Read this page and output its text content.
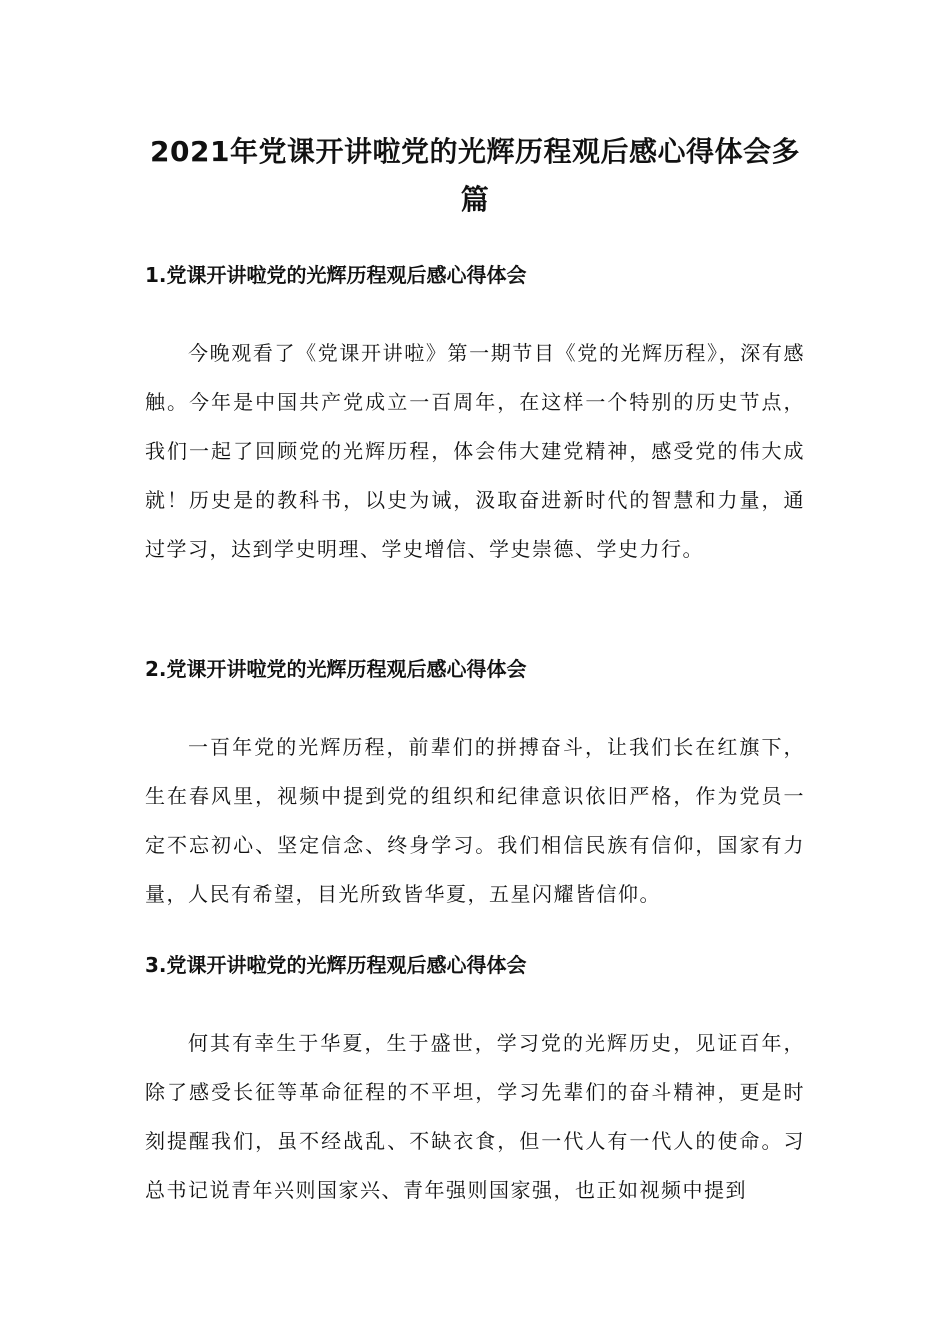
2021年党课开讲啦党的光辉历程观后感心得体会多篇
1.党课开讲啦党的光辉历程观后感心得体会

今晚观看了《党课开讲啦》第一期节目《党的光辉历程》，深有感触。今年是中国共产党成立一百周年，在这样一个特别的历史节点，我们一起了回顾党的光辉历程，体会伟大建党精神，感受党的伟大成就！历史是的教科书，以史为诫，汲取奋进新时代的智慧和力量，通过学习，达到学史明理、学史增信、学史崇德、学史力行。

2.党课开讲啦党的光辉历程观后感心得体会

一百年党的光辉历程，前辈们的拼搏奋斗，让我们长在红旗下，生在春风里，视频中提到党的组织和纪律意识依旧严格，作为党员一定不忘初心、坚定信念、终身学习。我们相信民族有信仰，国家有力量，人民有希望，目光所致皆华夏，五星闪耀皆信仰。

3.党课开讲啦党的光辉历程观后感心得体会

何其有幸生于华夏，生于盛世，学习党的光辉历史，见证百年，除了感受长征等革命征程的不平坦，学习先辈们的奋斗精神，更是时刻提醒我们，虽不经战乱、不缺衣食，但一代人有一代人的使命。习总书记说青年兴则国家兴、青年强则国家强，也正如视频中提到
